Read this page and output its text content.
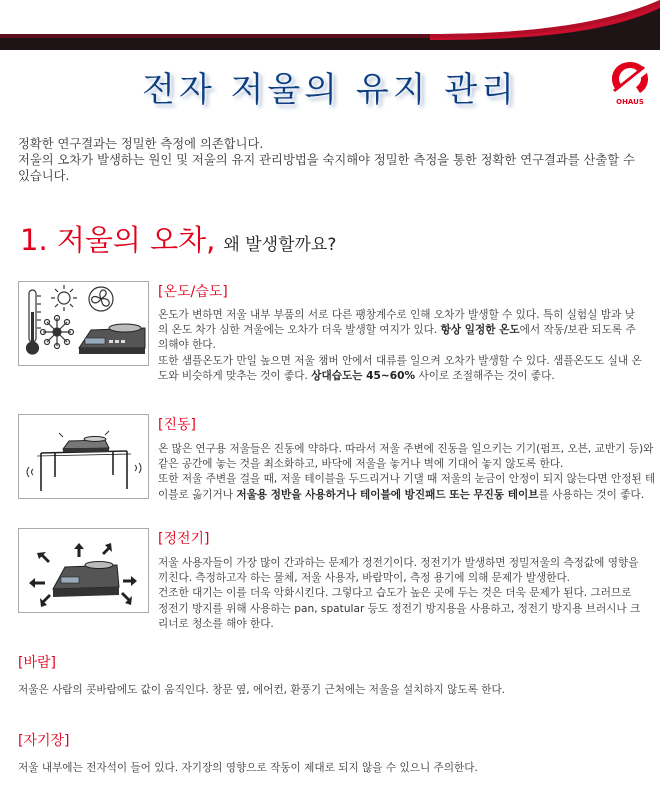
전자 저울의 유지 관리	OHAUS
정확한 연구결과는 정밀한 측정에 의존합니다.
저울의 오차가 발생하는 원인 및 저울의 유지 관리방법을 숙지해야 정밀한 측정을 통한 정확한 연구결과를 산출할 수 있습니다.
1. 저울의 오차, 왜 발생할까요?
[온도/습도]
온도가 변하면 저울 내부 부품의 서로 다른 팽창계수로 인해 오차가 발생할 수 있다. 특히 실험실 밤과 낮의 온도 차가 심한 겨울에는 오차가 더욱 발생할 여지가 있다. 항상 일정한 온도에서 작동/보관 되도록 주의해야 한다.
또한 샘플온도가 만일 높으면 저울 챔버 안에서 대류를 일으켜 오차가 발생할 수 있다. 샘플온도도 실내 온도와 비슷하게 맞추는 것이 좋다. 상대습도는 45~60% 사이로 조절해주는 것이 좋다.
[진동]
온 많은 연구용 저울들은 진동에 약하다. 따라서 저울 주변에 진동을 일으키는 기기(펌프, 오븐, 교반기 등)와 같은 공간에 놓는 것을 최소화하고, 바닥에 저울을 놓거나 벽에 기대어 놓지 않도록 한다.
또한 저울 주변을 걸을 때, 저울 테이블을 두드리거나 기댈 때 저울의 눈금이 안정이 되지 않는다면 안정된 테이블로 옮기거나 저울용 정반을 사용하거나 테이블에 방진패드 또는 무진동 테이브를 사용하는 것이 좋다.
[정전기]
저울 사용자들이 가장 많이 간과하는 문제가 정전기이다. 정전기가 발생하면 정밀저울의 측정값에 영향을 끼친다. 측정하고자 하는 물체, 저울 사용자, 바람막이, 측정 용기에 의해 문제가 발생한다.
건조한 대기는 이를 더욱 악화시킨다. 그렇다고 습도가 높은 곳에 두는 것은 더욱 문제가 된다. 그러므로 정전기 방지를 위해 사용하는 pan, spatular 등도 정전기 방지용을 사용하고, 정전기 방지용 브러시나 크리너로 청소를 해야 한다.
[바람]
저울은 사람의 콧바람에도 값이 움직인다. 창문 옆, 에어컨, 환풍기 근처에는 저울을 설치하지 않도록 한다.
[자기장]
저울 내부에는 전자석이 들어 있다. 자기장의 영향으로 작동이 제대로 되지 않을 수 있으니 주의한다.
